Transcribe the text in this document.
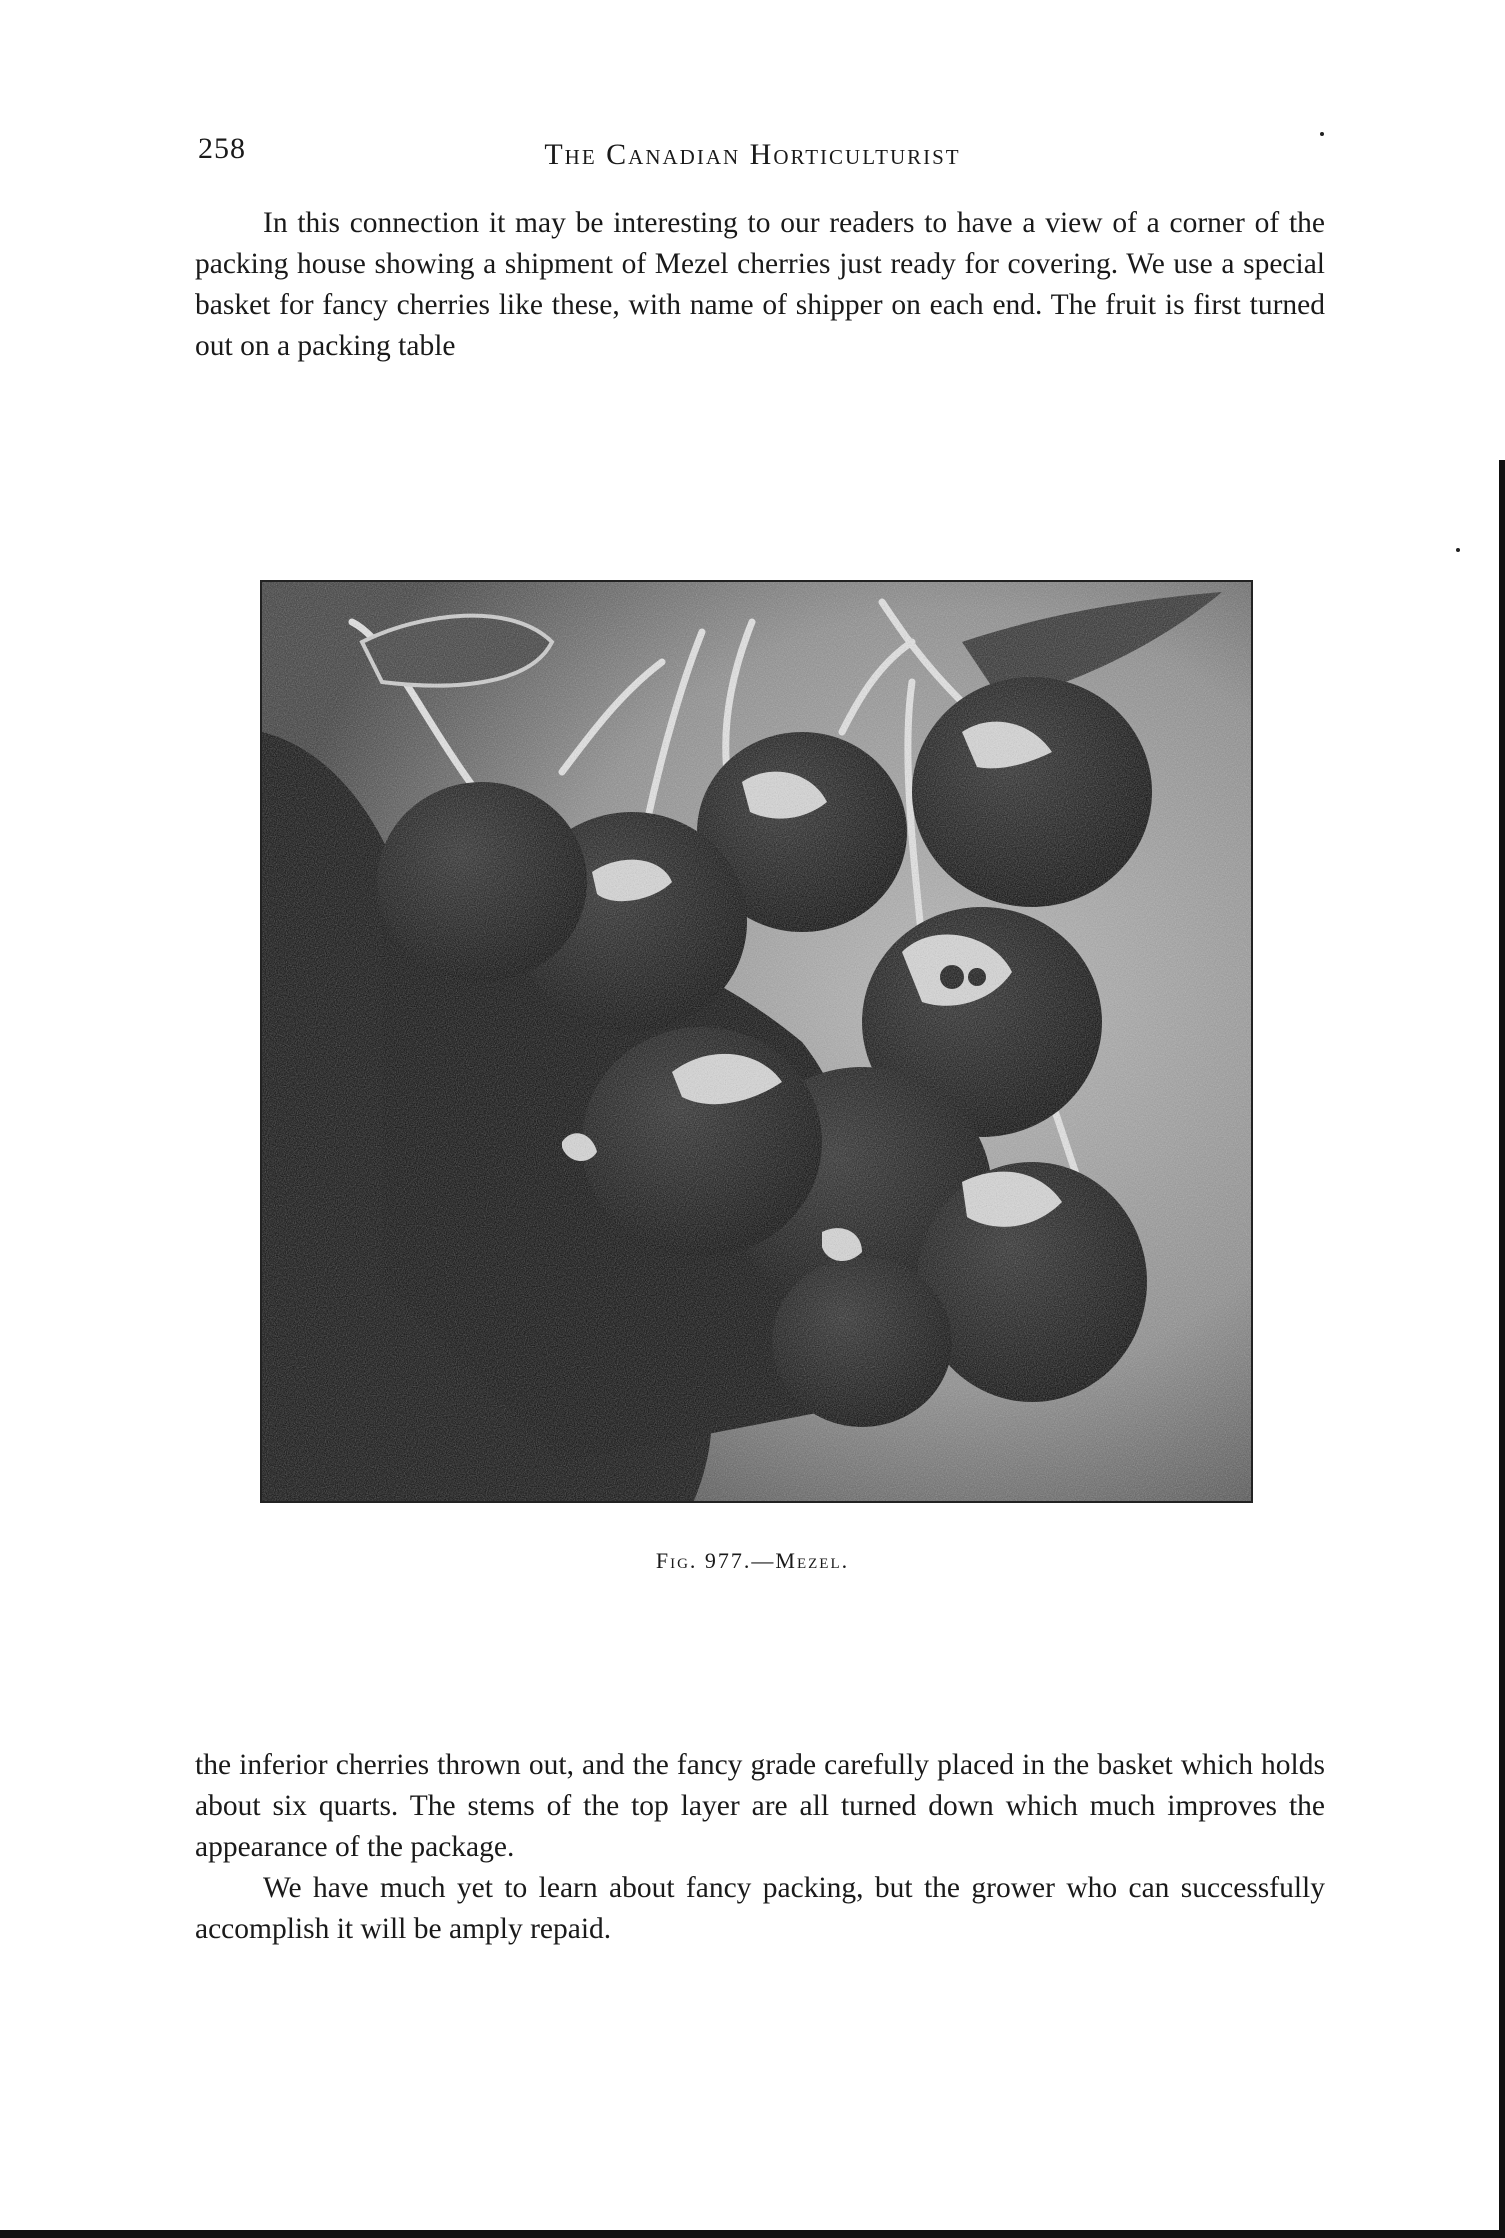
258	The Canadian Horticulturist

In this connection it may be interesting to our readers to have a view of a corner of the packing house showing a shipment of Mezel cherries just ready for covering. We use a special basket for fancy cherries like these, with name of shipper on each end. The fruit is first turned out on a packing table

Fig. 977.—Mezel.

the inferior cherries thrown out, and the fancy grade carefully placed in the basket which holds about six quarts. The stems of the top layer are all turned down which much improves the appearance of the package.

We have much yet to learn about fancy packing, but the grower who can successfully accomplish it will be amply repaid.
